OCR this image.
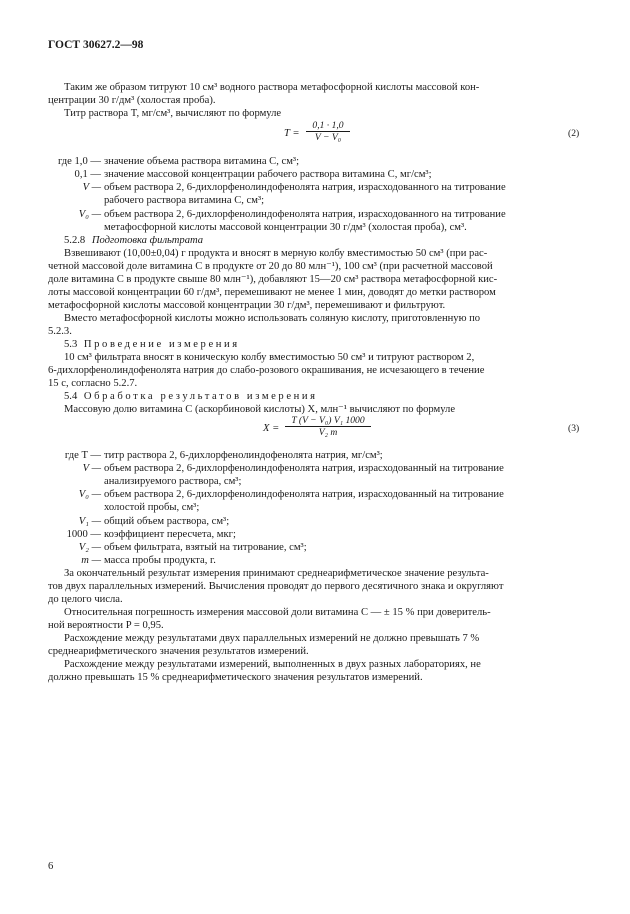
ГОСТ 30627.2—98
Таким же образом титруют 10 см³ водного раствора метафосфорной кислоты массовой кон-
центрации 30 г/дм³ (холостая проба).
Титр раствора T, мг/см³, вычисляют по формуле
$T = \frac{0,1 \cdot 1,0}{\text{V − V₀}}$	(2)
где 1,0 — значение объема раствора витамина С, см³;
0,1 — значение массовой концентрации рабочего раствора витамина С, мг/см³;
V — объем раствора 2, 6-дихлорфенолиндофенолята натрия, израсходованного на титрование
рабочего раствора витамина С, см³;
V₀ — объем раствора 2, 6-дихлорфенолиндофенолята натрия, израсходованного на титрование
метафосфорной кислоты массовой концентрации 30 г/дм³ (холостая проба), см³.
5.2.8 Подготовка фильтрата
Взвешивают (10,00±0,04) г продукта и вносят в мерную колбу вместимостью 50 см³ (при рас-
четной массовой доле витамина С в продукте от 20 до 80 млн⁻¹), 100 см³ (при расчетной массовой
доле витамина С в продукте свыше 80 млн⁻¹), добавляют 15—20 см³ раствора метафосфорной кис-
лоты массовой концентрации 60 г/дм³, перемешивают не менее 1 мин, доводят до метки раствором
метафосфорной кислоты массовой концентрации 30 г/дм³, перемешивают и фильтруют.
Вместо метафосфорной кислоты можно использовать соляную кислоту, приготовленную по
5.2.3.
5.3 Проведение измерения
10 см³ фильтрата вносят в коническую колбу вместимостью 50 см³ и титруют раствором 2,
6-дихлорфенолиндофенолята натрия до слабо-розового окрашивания, не исчезающего в течение
15 с, согласно 5.2.7.
5.4 Обработка результатов измерения
Массовую долю витамина С (аскорбиновой кислоты) X, млн⁻¹ вычисляют по формуле
$X = \frac{\text{T (V − V₀) V₁ 1000}}{\text{V₂ m}}$	(3)
где T — титр раствора 2, 6-дихлорфенолиндофенолята натрия, мг/см³;
V — объем раствора 2, 6-дихлорфенолиндофенолята натрия, израсходованный на титрование
анализируемого раствора, см³;
V₀ — объем раствора 2, 6-дихлорфенолиндофенолята натрия, израсходованный на титрование
холостой пробы, см³;
V₁ — общий объем раствора, см³;
1000 — коэффициент пересчета, мкг;
V₂ — объем фильтрата, взятый на титрование, см³;
m — масса пробы продукта, г.
За окончательный результат измерения принимают среднеарифметическое значение результа-
тов двух параллельных измерений. Вычисления проводят до первого десятичного знака и округляют
до целого числа.
Относительная погрешность измерения массовой доли витамина С — ± 15 % при доверитель-
ной вероятности P = 0,95.
Расхождение между результатами двух параллельных измерений не должно превышать 7 %
среднеарифметического значения результатов измерений.
Расхождение между результатами измерений, выполненных в двух разных лабораториях, не
должно превышать 15 % среднеарифметического значения результатов измерений.
6
